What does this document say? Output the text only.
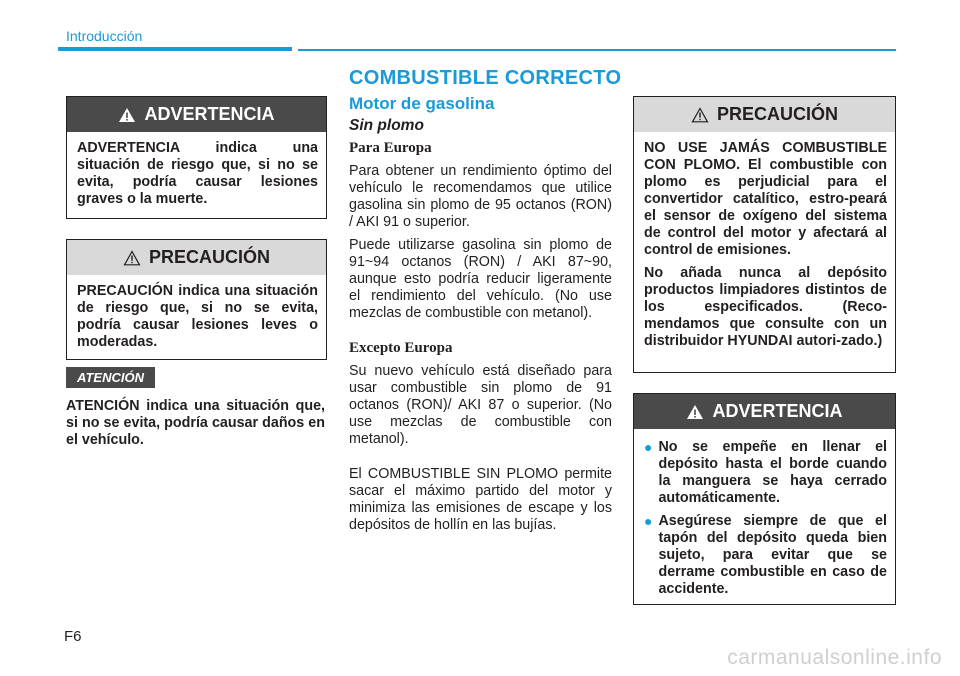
Introducción
ADVERTENCIA
ADVERTENCIA indica una situación de riesgo que, si no se evita, podría causar lesiones graves o la muerte.
PRECAUCIÓN
PRECAUCIÓN indica una situación de riesgo que, si no se evita, podría causar lesiones leves o moderadas.
ATENCIÓN
ATENCIÓN indica una situación que, si no se evita, podría causar daños en el vehículo.
COMBUSTIBLE CORRECTO
Motor de gasolina
Sin plomo

Para Europa

Para obtener un rendimiento óptimo del vehículo le recomendamos que utilice gasolina sin plomo de 95 octanos (RON) / AKI 91 o superior.

Puede utilizarse gasolina sin plomo de 91~94 octanos (RON) / AKI 87~90, aunque esto podría reducir ligeramente el rendimiento del vehículo. (No use mezclas de combustible con metanol).

Excepto Europa

Su nuevo vehículo está diseñado para usar combustible sin plomo de 91 octanos (RON)/ AKI 87 o superior. (No use mezclas de combustible con metanol).

El COMBUSTIBLE SIN PLOMO permite sacar el máximo partido del motor y minimiza las emisiones de escape y los depósitos de hollín en las bujías.

PRECAUCIÓN

NO USE JAMÁS COMBUSTIBLE CON PLOMO. El combustible con plomo es perjudicial para el convertidor catalítico, estro-peará el sensor de oxígeno del sistema de control del motor y afectará al control de emisiones.

No añada nunca al depósito productos limpiadores distintos de los especificados. (Reco-mendamos que consulte con un distribuidor HYUNDAI autori-zado.)

ADVERTENCIA
● No se empeñe en llenar el depósito hasta el borde cuando la manguera se haya cerrado automáticamente.
● Asegúrese siempre de que el tapón del depósito queda bien sujeto, para evitar que se derrame combustible en caso de accidente.
F6
carmanualsonline.info
